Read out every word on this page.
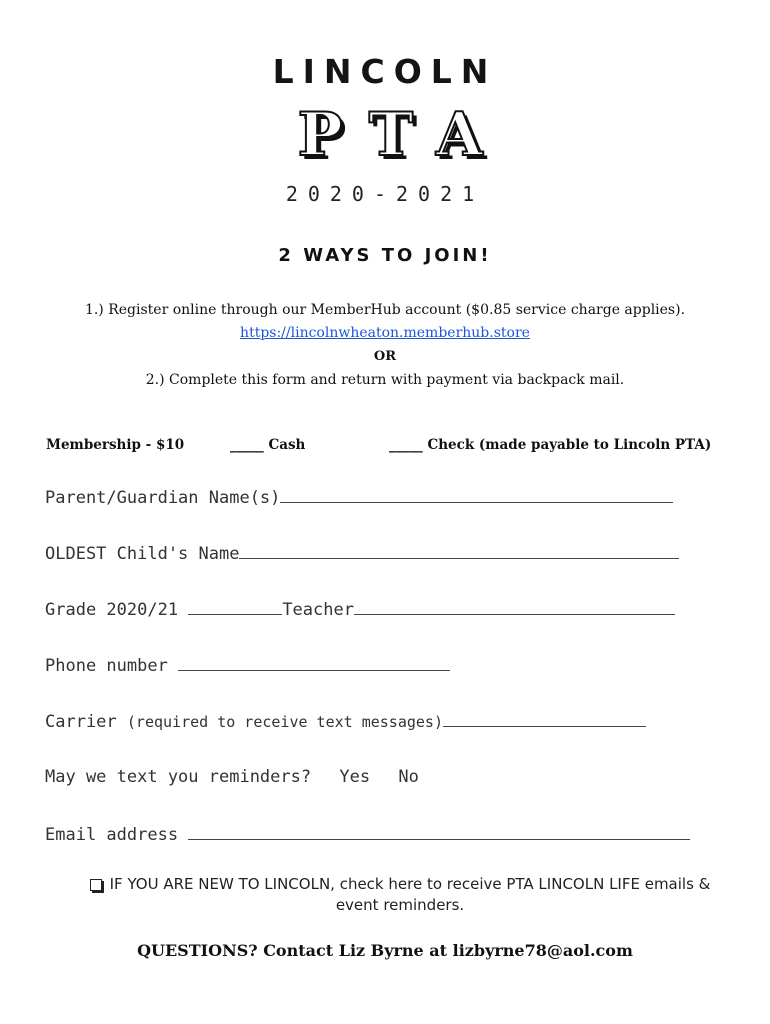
LINCOLN
PTA
2020-2021
2 WAYS TO JOIN!
1.) Register online through our MemberHub account ($0.85 service charge applies).
https://lincolnwheaton.memberhub.store
OR
2.) Complete this form and return with payment via backpack mail.
Membership - $10	_____ Cash	_____ Check (made payable to Lincoln PTA)
Parent/Guardian Name(s)
OLDEST Child's Name
Grade 2020/21	Teacher
Phone number
Carrier (required to receive text messages)
May we text you reminders? Yes No
Email address
IF YOU ARE NEW TO LINCOLN, check here to receive PTA LINCOLN LIFE emails & event reminders.
QUESTIONS? Contact Liz Byrne at lizbyrne78@aol.com
